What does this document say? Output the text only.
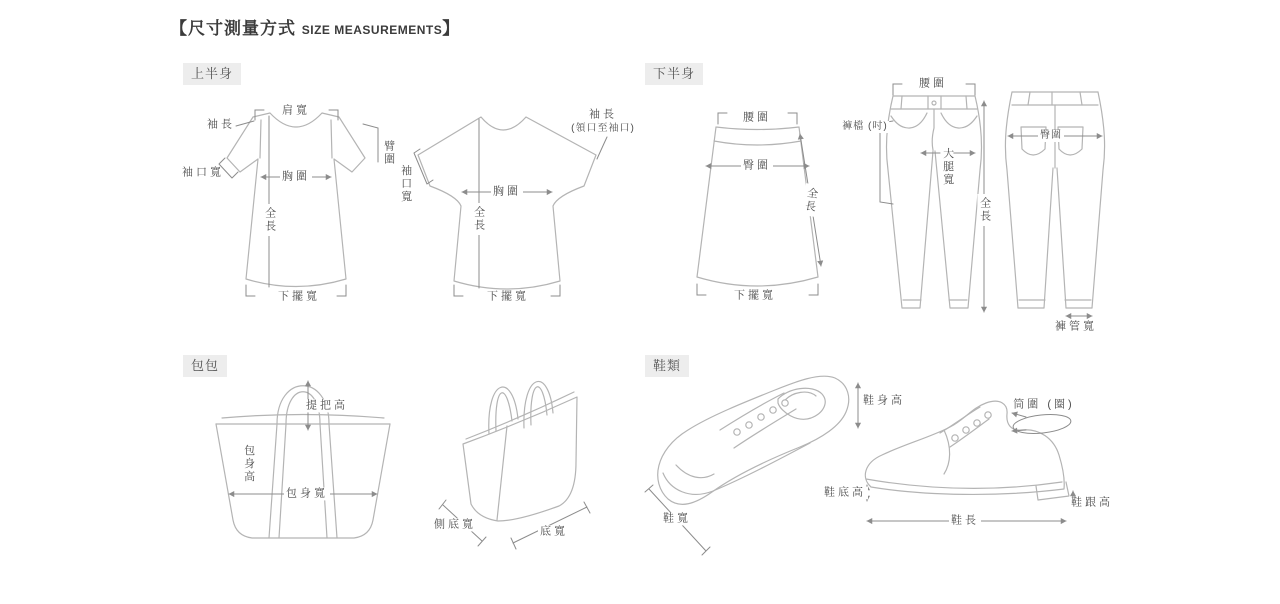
【尺寸測量方式 SIZE MEASUREMENTS】
上半身	下半身
包包	鞋類
肩寬
袖長
臂圍
袖口寬	胸圍
全長
下擺寬
袖長
(領口至袖口)
袖口寬	胸圍
全長
下擺寬
腰圍
臀圍
全長
下擺寬
腰圍
褲檔 (吋)
大腿寬
全長
臀圍
褲管寬
提把高
包身高
包身寬
側底寬
底寬
鞋身高
鞋寬
筒圍 (圈)
鞋底高
鞋跟高
鞋長
